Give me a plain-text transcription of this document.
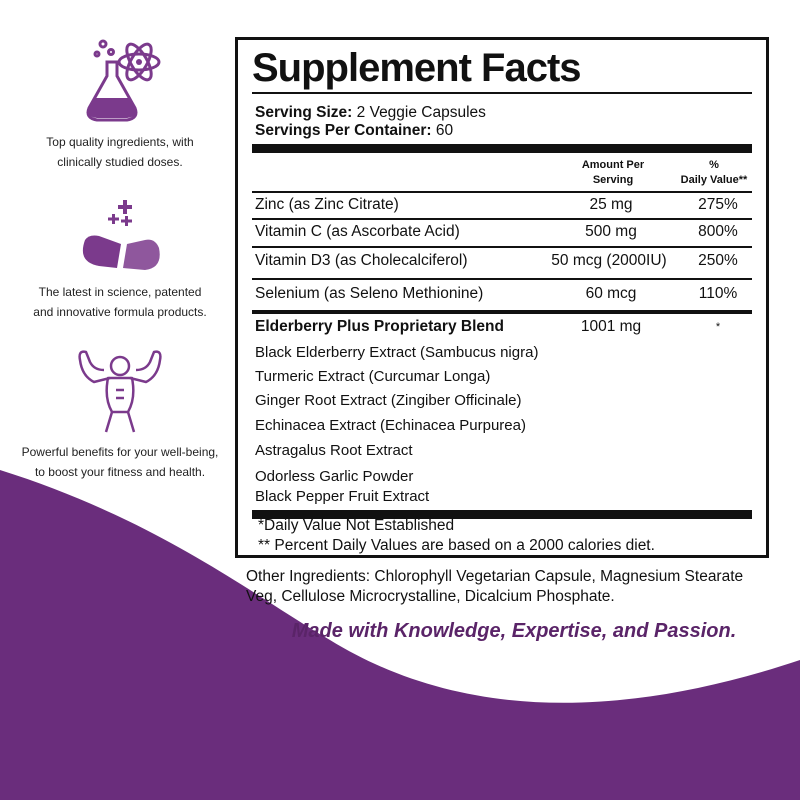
Top quality ingredients, with
clinically studied doses.
The latest in science, patented
and innovative formula products.
Powerful benefits for your well-being,
to boost your fitness and health.
Supplement Facts
Serving Size: 2 Veggie Capsules
Servings Per Container: 60
Amount Per
Serving
%
Daily Value**
Zinc (as Zinc Citrate)	25 mg	275%
Vitamin C (as Ascorbate Acid)	500 mg	800%
Vitamin D3 (as Cholecalciferol)	50 mcg (2000IU)	250%
Selenium (as Seleno Methionine)	60 mcg	110%
Elderberry Plus Proprietary Blend	1001 mg	*
Black Elderberry Extract (Sambucus nigra)
Turmeric Extract (Curcumar Longa)
Ginger Root Extract (Zingiber Officinale)
Echinacea Extract (Echinacea Purpurea)
Astragalus Root Extract
Odorless Garlic Powder
Black Pepper Fruit Extract
*Daily Value Not Established
** Percent Daily Values are based on a 2000 calories diet.
Other Ingredients: Chlorophyll Vegetarian Capsule, Magnesium Stearate Veg, Cellulose Microcrystalline, Dicalcium Phosphate.
Made with Knowledge, Expertise, and Passion.
